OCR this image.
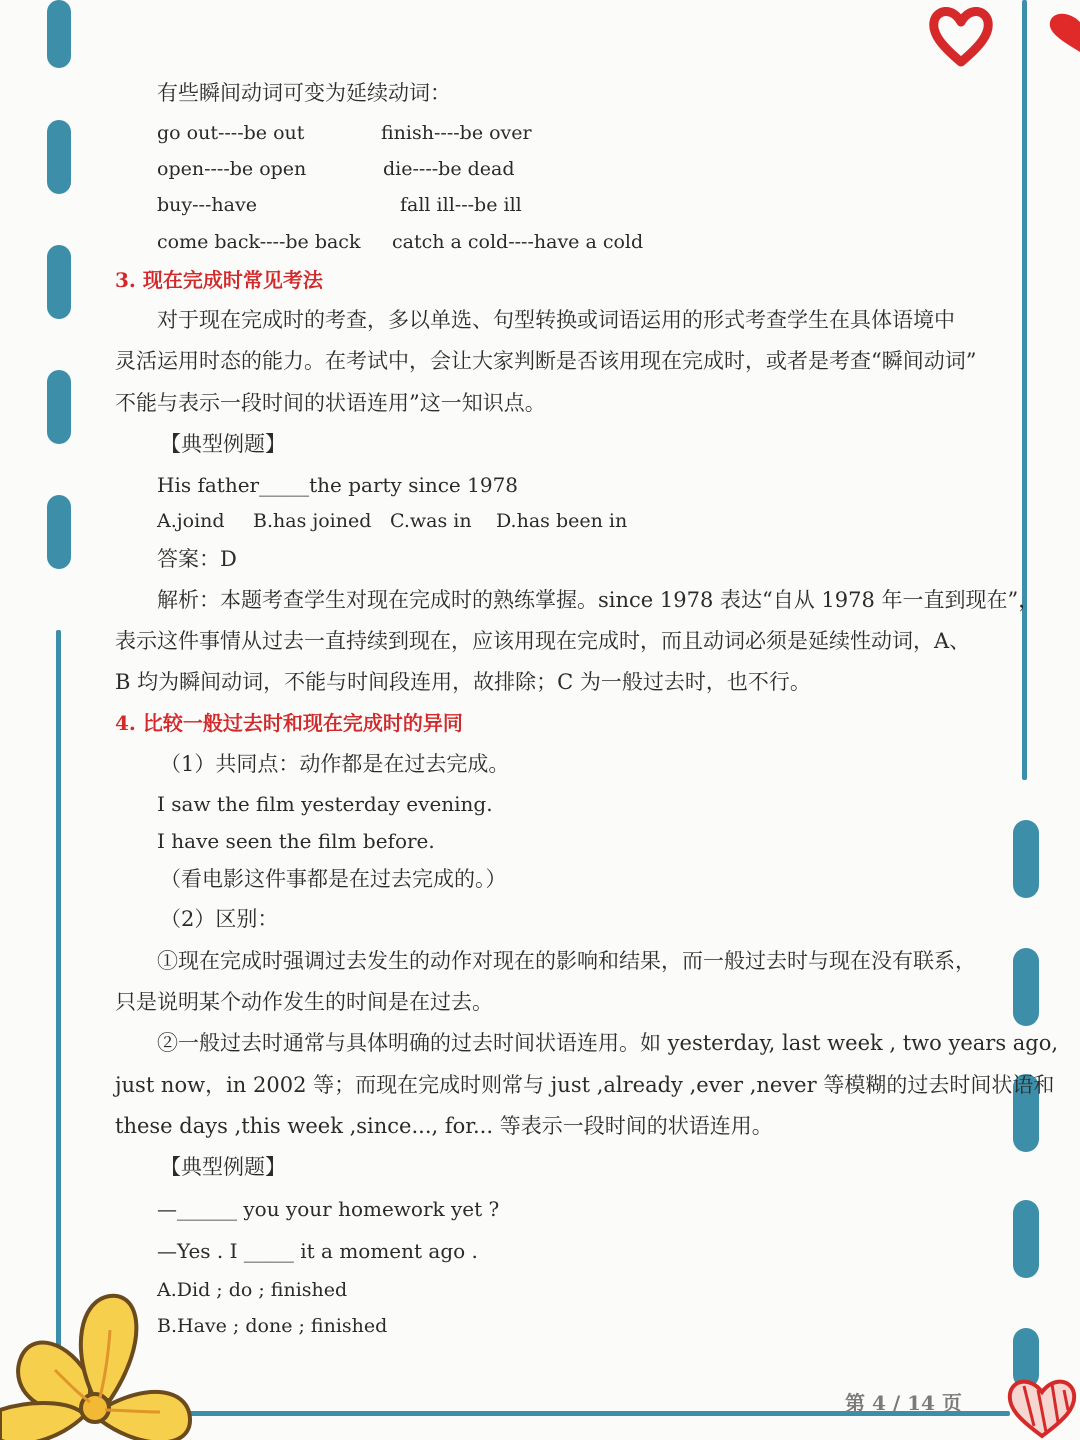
有些瞬间动词可变为延续动词：
go out----be out	finish----be over
open----be open	die----be dead
buy---have	fall ill---be ill
come back----be back catch a cold----have a cold
3. 现在完成时常见考法
对于现在完成时的考查，多以单选、句型转换或词语运用的形式考查学生在具体语境中
灵活运用时态的能力。在考试中，会让大家判断是否该用现在完成时，或者是考查“瞬间动词”
不能与表示一段时间的状语连用”这一知识点。
【典型例题】
His father_____the party since 1978
A.joind B.has joined C.was in D.has been in
答案：D
解析：本题考查学生对现在完成时的熟练掌握。since 1978 表达“自从 1978 年一直到现在”，
表示这件事情从过去一直持续到现在，应该用现在完成时，而且动词必须是延续性动词，A、
B 均为瞬间动词，不能与时间段连用，故排除；C 为一般过去时，也不行。
4. 比较一般过去时和现在完成时的异同
（1）共同点：动作都是在过去完成。
I saw the film yesterday evening.
I have seen the film before.
（看电影这件事都是在过去完成的。）
（2）区别：
①现在完成时强调过去发生的动作对现在的影响和结果，而一般过去时与现在没有联系，
只是说明某个动作发生的时间是在过去。
②一般过去时通常与具体明确的过去时间状语连用。如 yesterday, last week , two years ago,
just now，in 2002 等；而现在完成时则常与 just ,already ,ever ,never 等模糊的过去时间状语和
these days ,this week ,since..., for... 等表示一段时间的状语连用。
【典型例题】
—______ you your homework yet ?
—Yes . I _____ it a moment ago .
A.Did ; do ; finished
B.Have ; done ; finished
第 4 / 14 页
